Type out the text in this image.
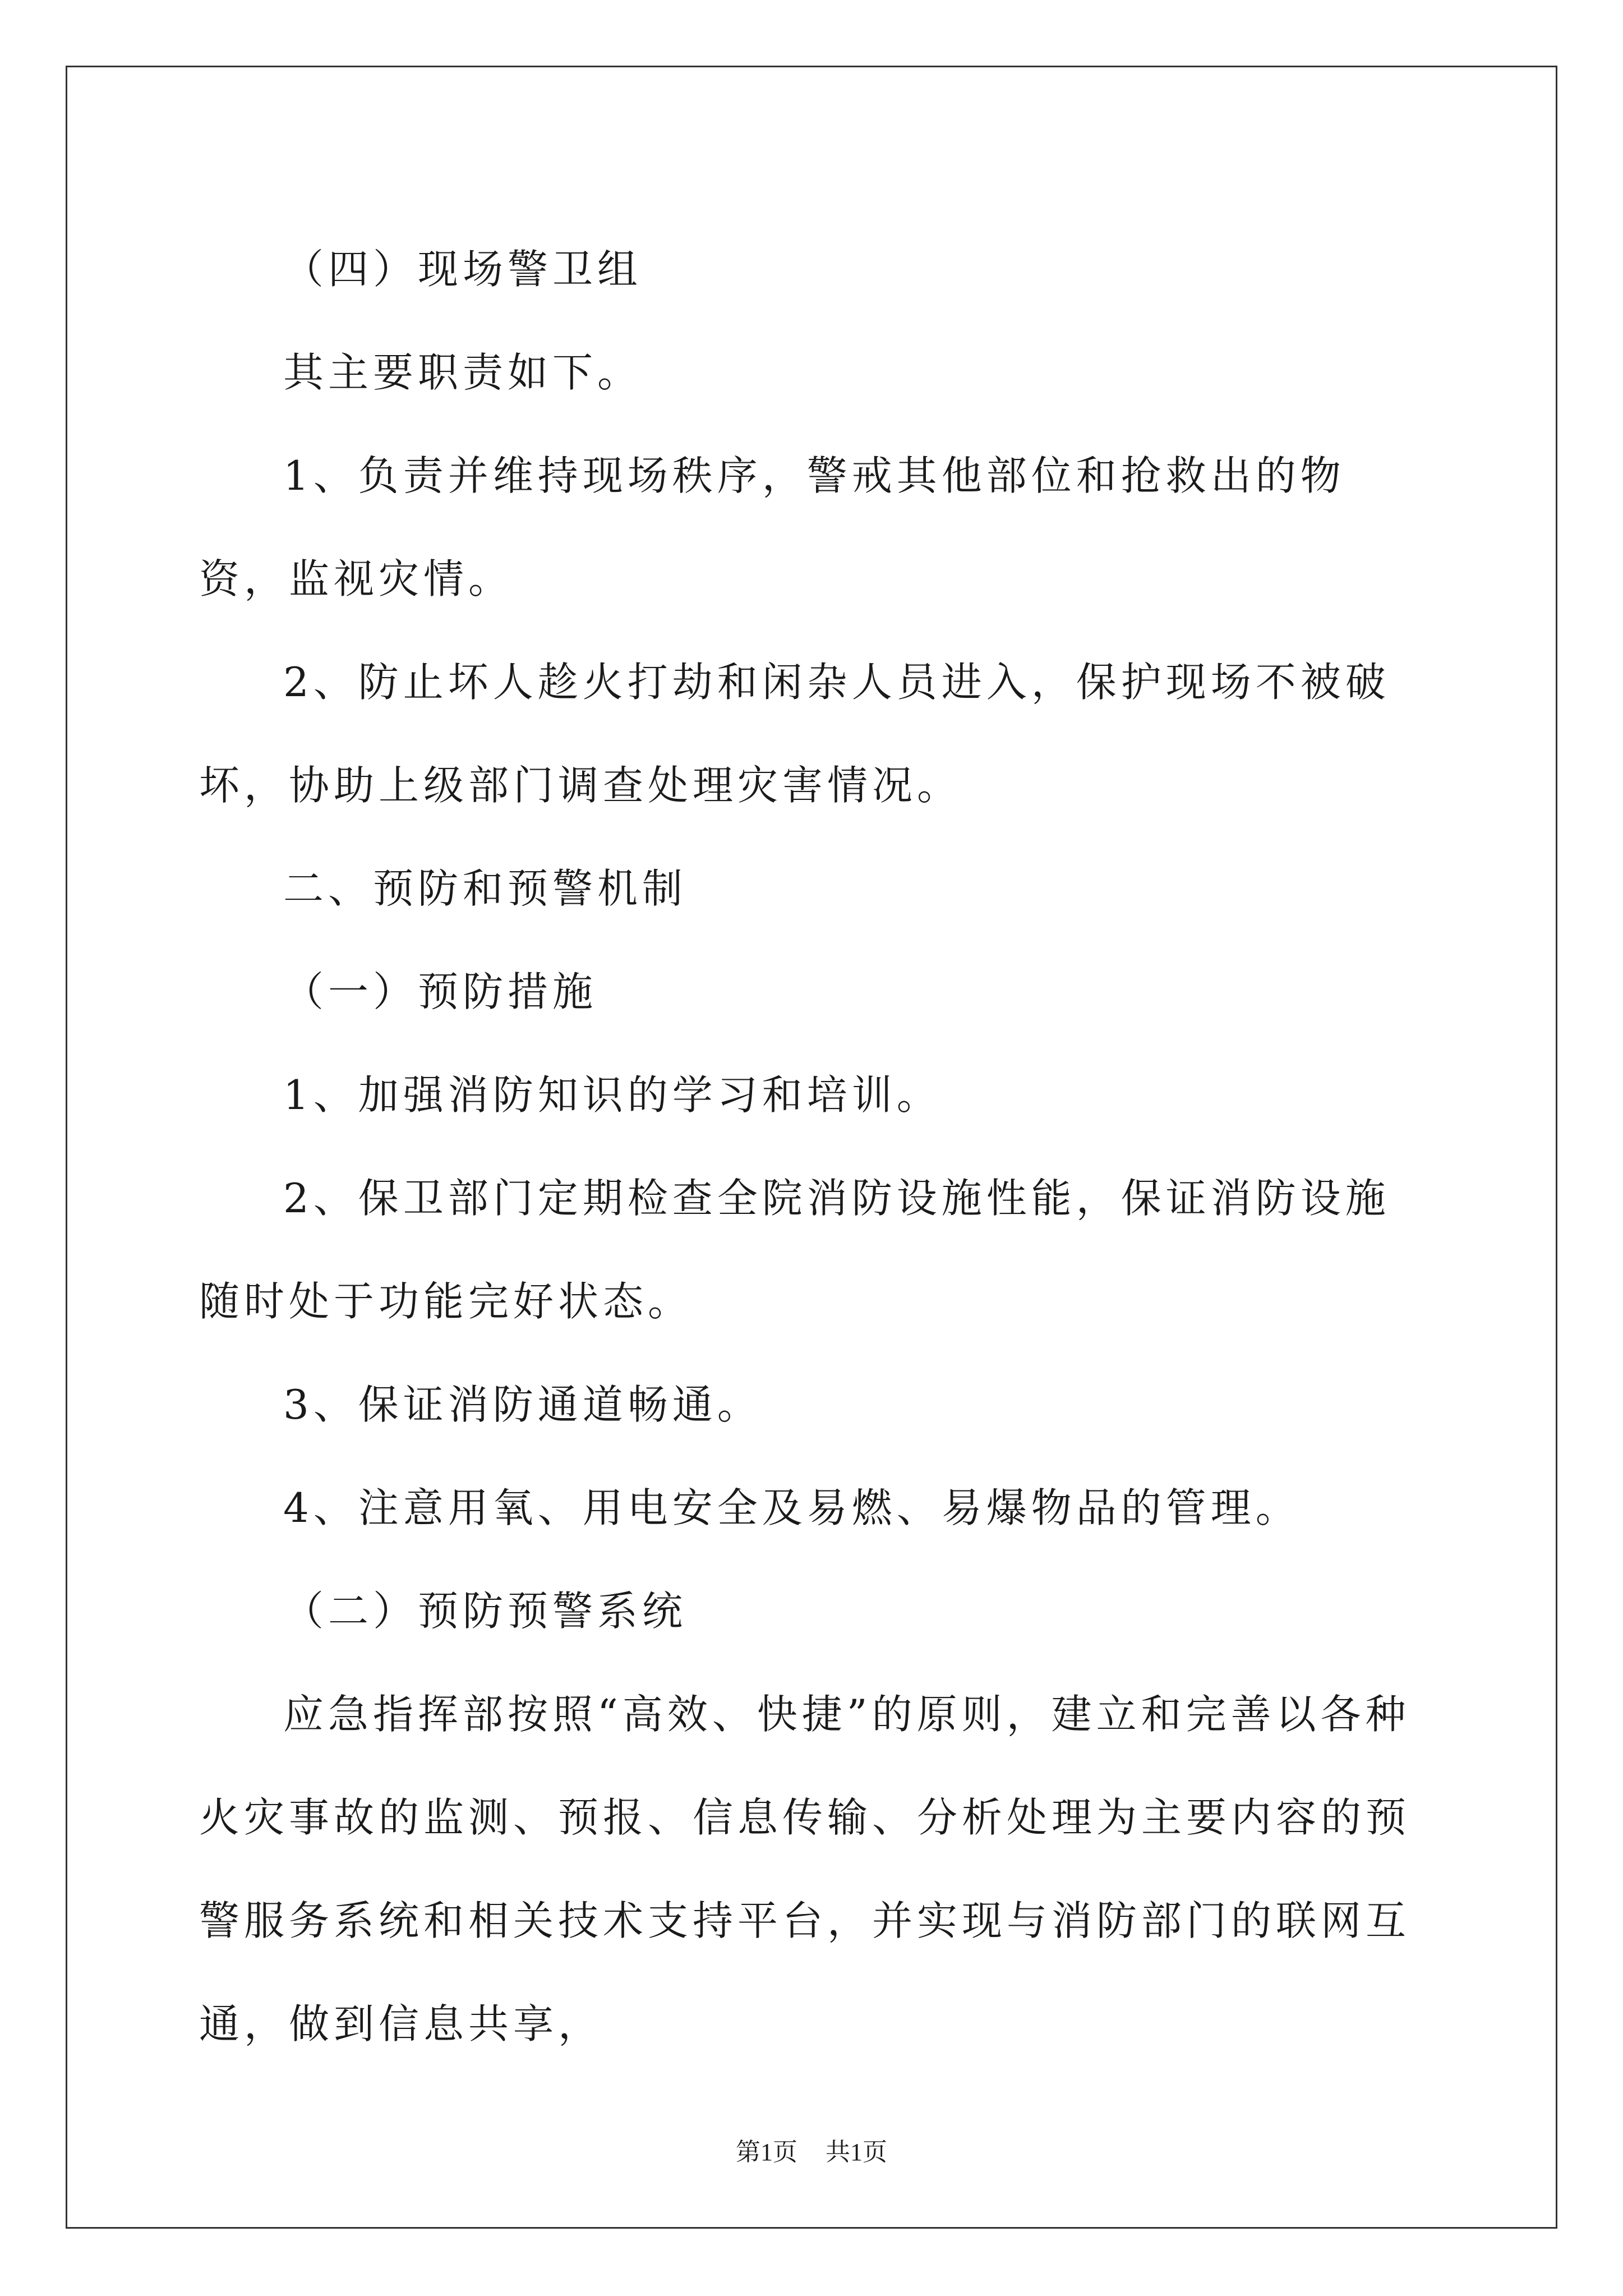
（四）现场警卫组

其主要职责如下。

1、负责并维持现场秩序，警戒其他部位和抢救出的物资，监视灾情。

2、防止坏人趁火打劫和闲杂人员进入，保护现场不被破坏，协助上级部门调查处理灾害情况。

二、预防和预警机制

（一）预防措施

1、加强消防知识的学习和培训。

2、保卫部门定期检查全院消防设施性能，保证消防设施随时处于功能完好状态。

3、保证消防通道畅通。

4、注意用氧、用电安全及易燃、易爆物品的管理。

（二）预防预警系统

应急指挥部按照“高效、快捷”的原则，建立和完善以各种火灾事故的监测、预报、信息传输、分析处理为主要内容的预警服务系统和相关技术支持平台，并实现与消防部门的联网互通，做到信息共享，

第1页 共1页
